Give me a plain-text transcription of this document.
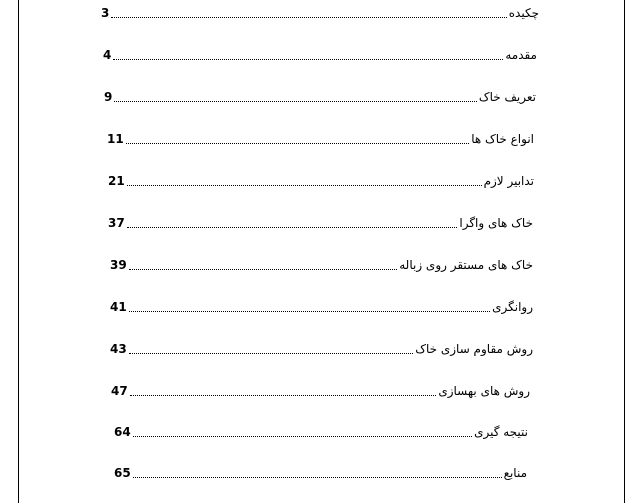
3	چکیده
4	مقدمه
9	تعریف خاک
11	انواع خاک ها
21	تدابیر لازم
37	خاک های واگرا
39	خاک های مستقر روی زباله
41	روانگری
43	روش مقاوم سازی خاک
47	روش های بهسازی
64	نتیجه گیری
65	منابع
